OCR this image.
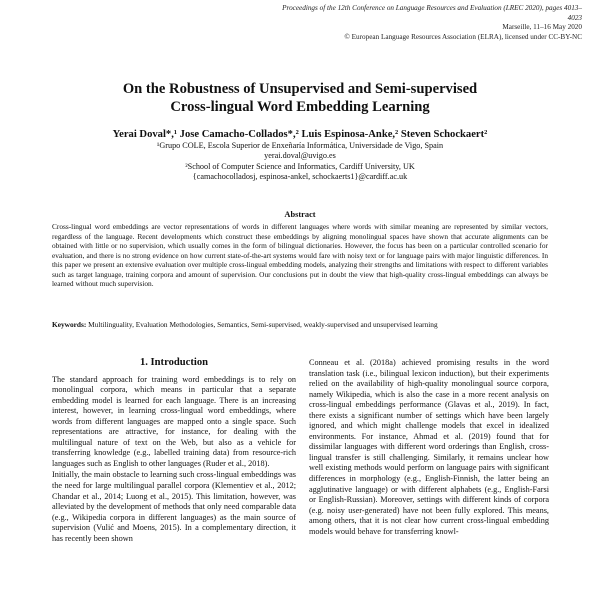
Proceedings of the 12th Conference on Language Resources and Evaluation (LREC 2020), pages 4013–4023
Marseille, 11–16 May 2020
© European Language Resources Association (ELRA), licensed under CC-BY-NC
On the Robustness of Unsupervised and Semi-supervised
Cross-lingual Word Embedding Learning
Yerai Doval*,¹ Jose Camacho-Collados*,² Luis Espinosa-Anke,² Steven Schockaert²
¹Grupo COLE, Escola Superior de Enxeñaría Informática, Universidade de Vigo, Spain
yerai.doval@uvigo.es
²School of Computer Science and Informatics, Cardiff University, UK
{camachocolladosj, espinosa-ankel, schockaerts1}@cardiff.ac.uk
Abstract
Cross-lingual word embeddings are vector representations of words in different languages where words with similar meaning are represented by similar vectors, regardless of the language. Recent developments which construct these embeddings by aligning monolingual spaces have shown that accurate alignments can be obtained with little or no supervision, which usually comes in the form of bilingual dictionaries. However, the focus has been on a particular controlled scenario for evaluation, and there is no strong evidence on how current state-of-the-art systems would fare with noisy text or for language pairs with major linguistic differences. In this paper we present an extensive evaluation over multiple cross-lingual embedding models, analyzing their strengths and limitations with respect to different variables such as target language, training corpora and amount of supervision. Our conclusions put in doubt the view that high-quality cross-lingual embeddings can always be learned without much supervision.
Keywords: Multilinguality, Evaluation Methodologies, Semantics, Semi-supervised, weakly-supervised and unsupervised learning
1. Introduction

The standard approach for training word embeddings is to rely on monolingual corpora, which means in particular that a separate embedding model is learned for each language. There is an increasing interest, however, in learning cross-lingual word embeddings, where words from different languages are mapped onto a single space. Such representations are attractive, for instance, for dealing with the multilingual nature of text on the Web, but also as a vehicle for transferring knowledge (e.g., labelled training data) from resource-rich languages such as English to other languages (Ruder et al., 2018).

Initially, the main obstacle to learning such cross-lingual embeddings was the need for large multilingual parallel corpora (Klementiev et al., 2012; Chandar et al., 2014; Luong et al., 2015). This limitation, however, was alleviated by the development of methods that only need comparable data (e.g., Wikipedia corpora in different languages) as the main source of supervision (Vulić and Moens, 2015). In a complementary direction, it has recently been shown

Conneau et al. (2018a) achieved promising results in the word translation task (i.e., bilingual lexicon induction), but their experiments relied on the availability of high-quality monolingual source corpora, namely Wikipedia, which is also the case in a more recent analysis on cross-lingual embeddings performance (Glavas et al., 2019). In fact, there exists a significant number of settings which have been largely ignored, and which might challenge models that excel in idealized environments. For instance, Ahmad et al. (2019) found that for dissimilar languages with different word orderings than English, cross-lingual transfer is still challenging. Similarly, it remains unclear how well existing methods would perform on language pairs with significant differences in morphology (e.g., English-Finnish, the latter being an agglutinative language) or with different alphabets (e.g., English-Farsi or English-Russian). Moreover, settings with different kinds of corpora (e.g. noisy user-generated) have not been fully explored. This means, among others, that it is not clear how current cross-lingual embedding models would behave for transferring knowl-
